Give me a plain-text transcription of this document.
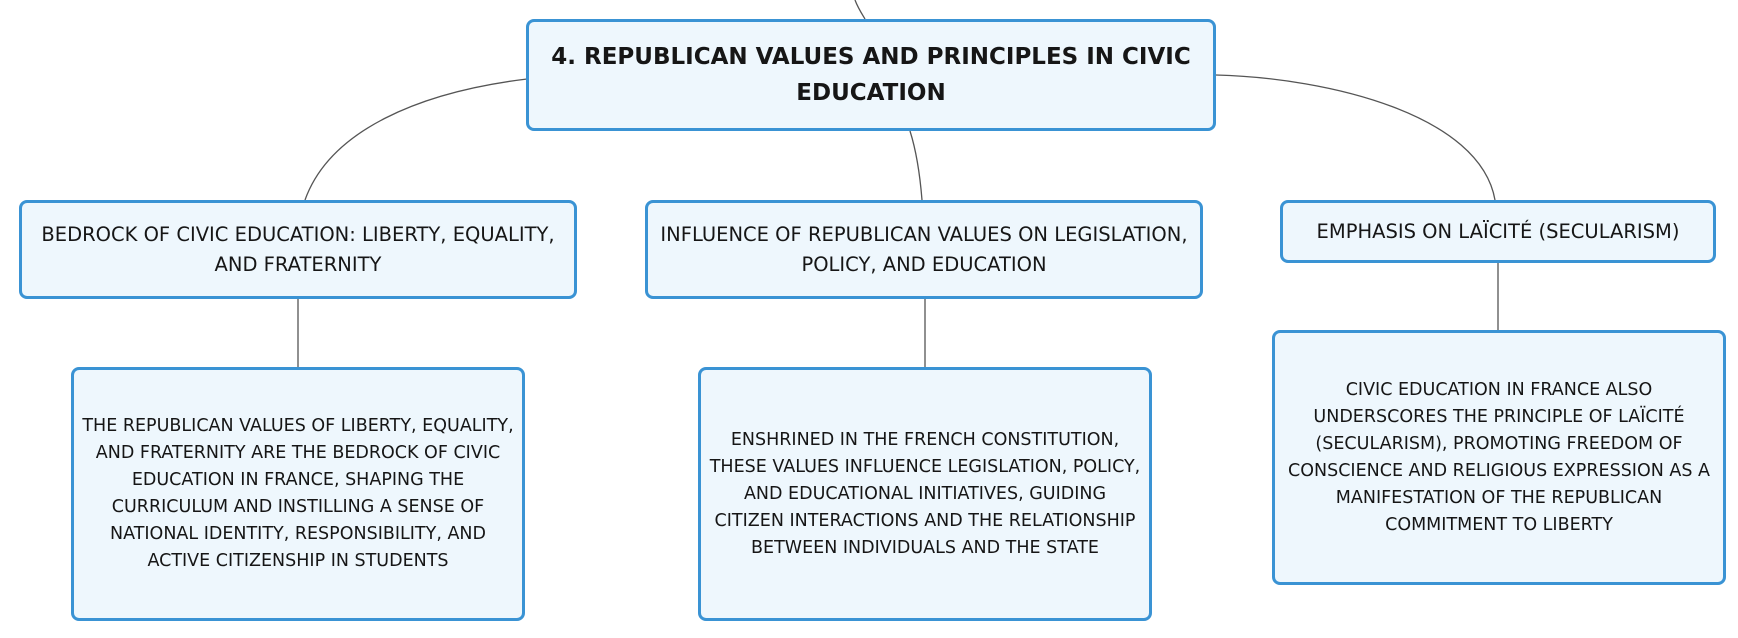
4. REPUBLICAN VALUES AND PRINCIPLES IN CIVIC EDUCATION
BEDROCK OF CIVIC EDUCATION: LIBERTY, EQUALITY, AND FRATERNITY
INFLUENCE OF REPUBLICAN VALUES ON LEGISLATION, POLICY, AND EDUCATION
EMPHASIS ON LAÏCITÉ (SECULARISM)
THE REPUBLICAN VALUES OF LIBERTY, EQUALITY, AND FRATERNITY ARE THE BEDROCK OF CIVIC EDUCATION IN FRANCE, SHAPING THE CURRICULUM AND INSTILLING A SENSE OF NATIONAL IDENTITY, RESPONSIBILITY, AND ACTIVE CITIZENSHIP IN STUDENTS
ENSHRINED IN THE FRENCH CONSTITUTION, THESE VALUES INFLUENCE LEGISLATION, POLICY, AND EDUCATIONAL INITIATIVES, GUIDING CITIZEN INTERACTIONS AND THE RELATIONSHIP BETWEEN INDIVIDUALS AND THE STATE
CIVIC EDUCATION IN FRANCE ALSO UNDERSCORES THE PRINCIPLE OF LAÏCITÉ (SECULARISM), PROMOTING FREEDOM OF CONSCIENCE AND RELIGIOUS EXPRESSION AS A MANIFESTATION OF THE REPUBLICAN COMMITMENT TO LIBERTY
